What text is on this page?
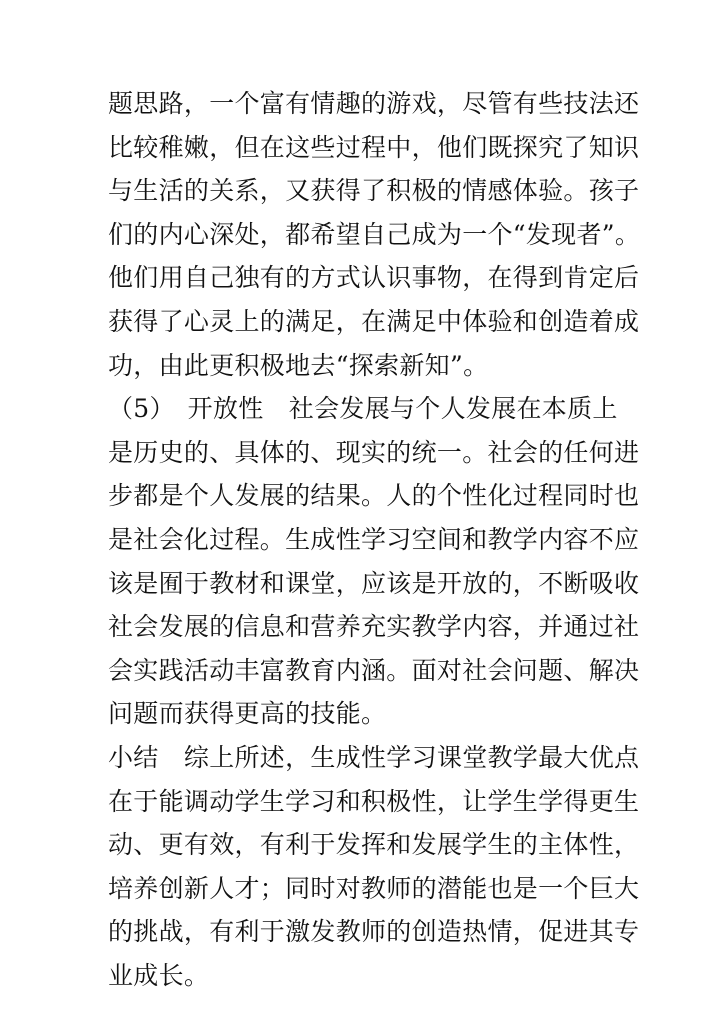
题思路，一个富有情趣的游戏，尽管有些技法还
比较稚嫩，但在这些过程中，他们既探究了知识
与生活的关系，又获得了积极的情感体验。孩子
们的内心深处，都希望自己成为一个“发现者”。
他们用自己独有的方式认识事物，在得到肯定后
获得了心灵上的满足，在满足中体验和创造着成
功，由此更积极地去“探索新知”。
（5）　开放性　社会发展与个人发展在本质上
是历史的、具体的、现实的统一。社会的任何进
步都是个人发展的结果。人的个性化过程同时也
是社会化过程。生成性学习空间和教学内容不应
该是囿于教材和课堂，应该是开放的，不断吸收
社会发展的信息和营养充实教学内容，并通过社
会实践活动丰富教育内涵。面对社会问题、解决
问题而获得更高的技能。
小结　综上所述，生成性学习课堂教学最大优点
在于能调动学生学习和积极性，让学生学得更生
动、更有效，有利于发挥和发展学生的主体性，
培养创新人才；同时对教师的潜能也是一个巨大
的挑战，有利于激发教师的创造热情，促进其专
业成长。
